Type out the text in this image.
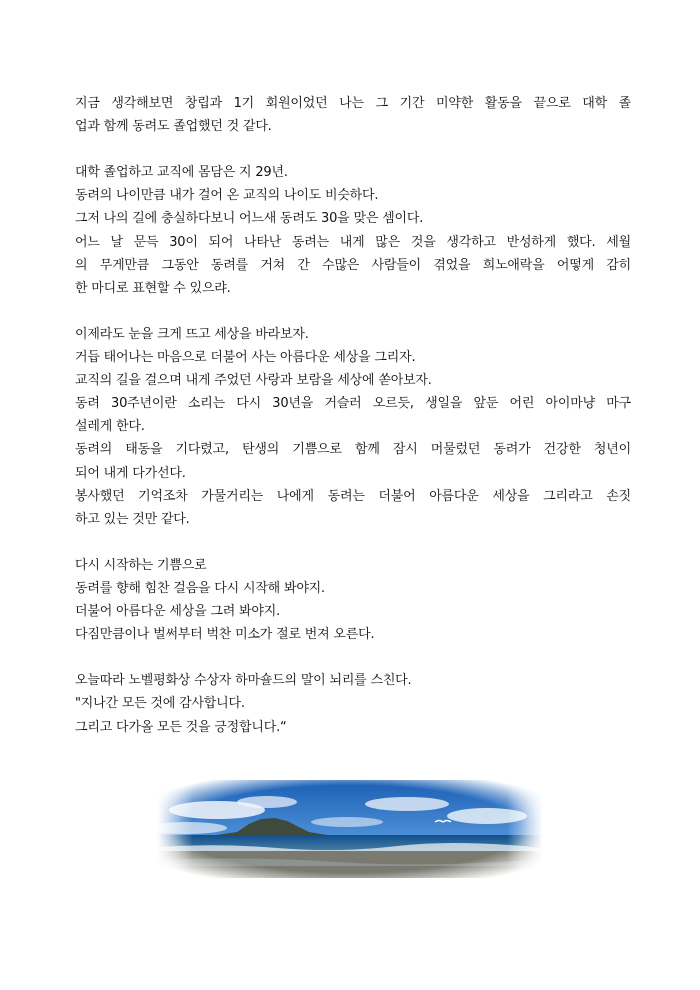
지금 생각해보면 창립과 1기 회원이었던 나는 그 기간 미약한 활동을 끝으로 대학 졸
업과 함께 동려도 졸업했던 것 같다.
대학 졸업하고 교직에 몸담은 지 29년.
동려의 나이만큼 내가 걸어 온 교직의 나이도 비슷하다.
그저 나의 길에 충실하다보니 어느새 동려도 30을 맞은 셈이다.
어느 날 문득 30이 되어 나타난 동려는 내게 많은 것을 생각하고 반성하게 했다. 세월
의 무게만큼 그동안 동려를 거쳐 간 수많은 사람들이 겪었을 희노애락을 어떻게 감히
한 마디로 표현할 수 있으랴.
이제라도 눈을 크게 뜨고 세상을 바라보자.
거듭 태어나는 마음으로 더불어 사는 아름다운 세상을 그리자.
교직의 길을 걸으며 내게 주었던 사랑과 보람을 세상에 쏟아보자.
동려 30주년이란 소리는 다시 30년을 거슬러 오르듯, 생일을 앞둔 어린 아이마냥 마구
설레게 한다.
동려의 태동을 기다렸고, 탄생의 기쁨으로 함께 잠시 머물렀던 동려가 건강한 청년이
되어 내게 다가선다.
봉사했던 기억조차 가물거리는 나에게 동려는 더불어 아름다운 세상을 그리라고 손짓
하고 있는 것만 같다.
다시 시작하는 기쁨으로
동려를 향해 힘찬 걸음을 다시 시작해 봐야지.
더불어 아름다운 세상을 그려 봐야지.
다짐만큼이나 벌써부터 벅찬 미소가 절로 번져 오른다.
오늘따라 노벨평화상 수상자 하마숄드의 말이 뇌리를 스친다.
"지나간 모든 것에 감사합니다.
그리고 다가올 모든 것을 긍정합니다.“
